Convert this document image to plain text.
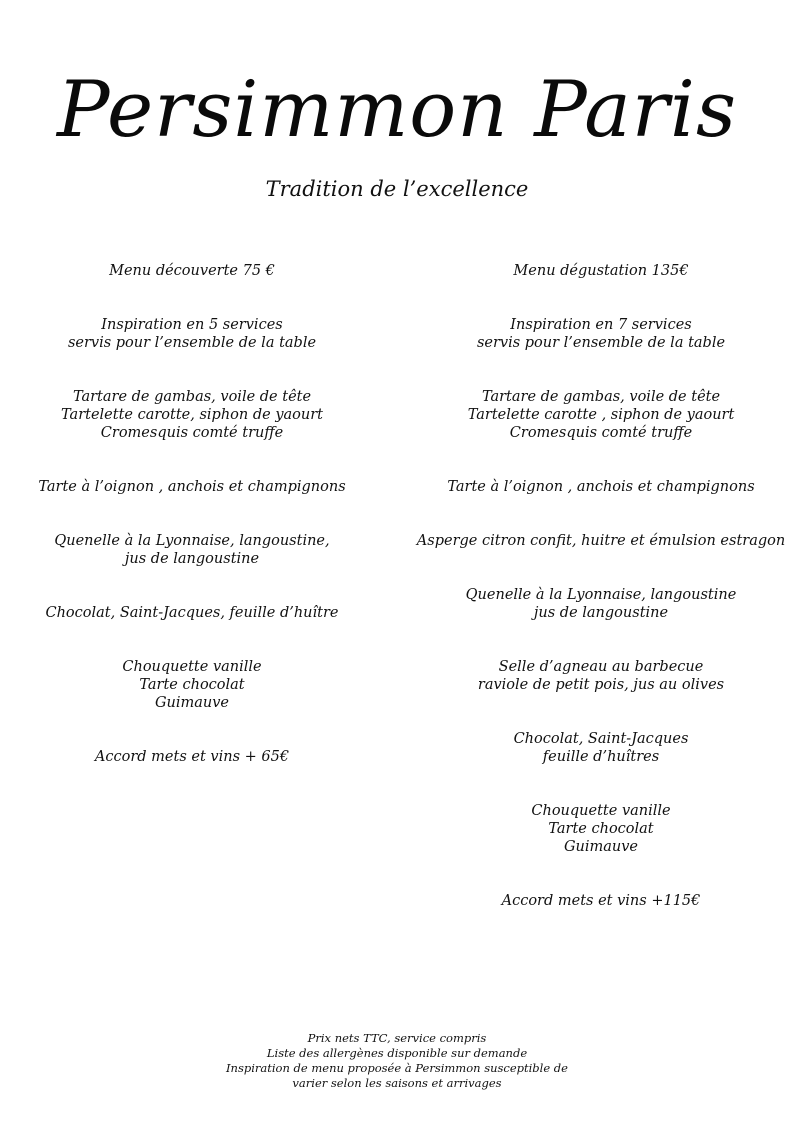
Persimmon Paris
Tradition de l’excellence
Menu découverte 75 €
Inspiration en 5 services
servis pour l’ensemble de la table
Tartare de gambas, voile de tête
Tartelette carotte, siphon de yaourt
Cromesquis comté truffe
Tarte à l’oignon , anchois et champignons
Quenelle à la Lyonnaise, langoustine,
jus de langoustine
Chocolat, Saint-Jacques, feuille d’huître
Chouquette vanille
Tarte chocolat
Guimauve
Accord mets et vins + 65€
Menu dégustation 135€
Inspiration en 7 services
servis pour l’ensemble de la table
Tartare de gambas, voile de tête
Tartelette carotte , siphon de yaourt
Cromesquis comté truffe
Tarte à l’oignon , anchois et champignons
Asperge citron confit, huitre et émulsion estragon
Quenelle à la Lyonnaise, langoustine
jus de langoustine
Selle d’agneau au barbecue
raviole de petit pois, jus au olives
Chocolat, Saint-Jacques
feuille d’huîtres
Chouquette vanille
Tarte chocolat
Guimauve
Accord mets et vins +115€
Prix nets TTC, service compris
Liste des allergènes disponible sur demande
Inspiration de menu proposée à Persimmon susceptible de
varier selon les saisons et arrivages
